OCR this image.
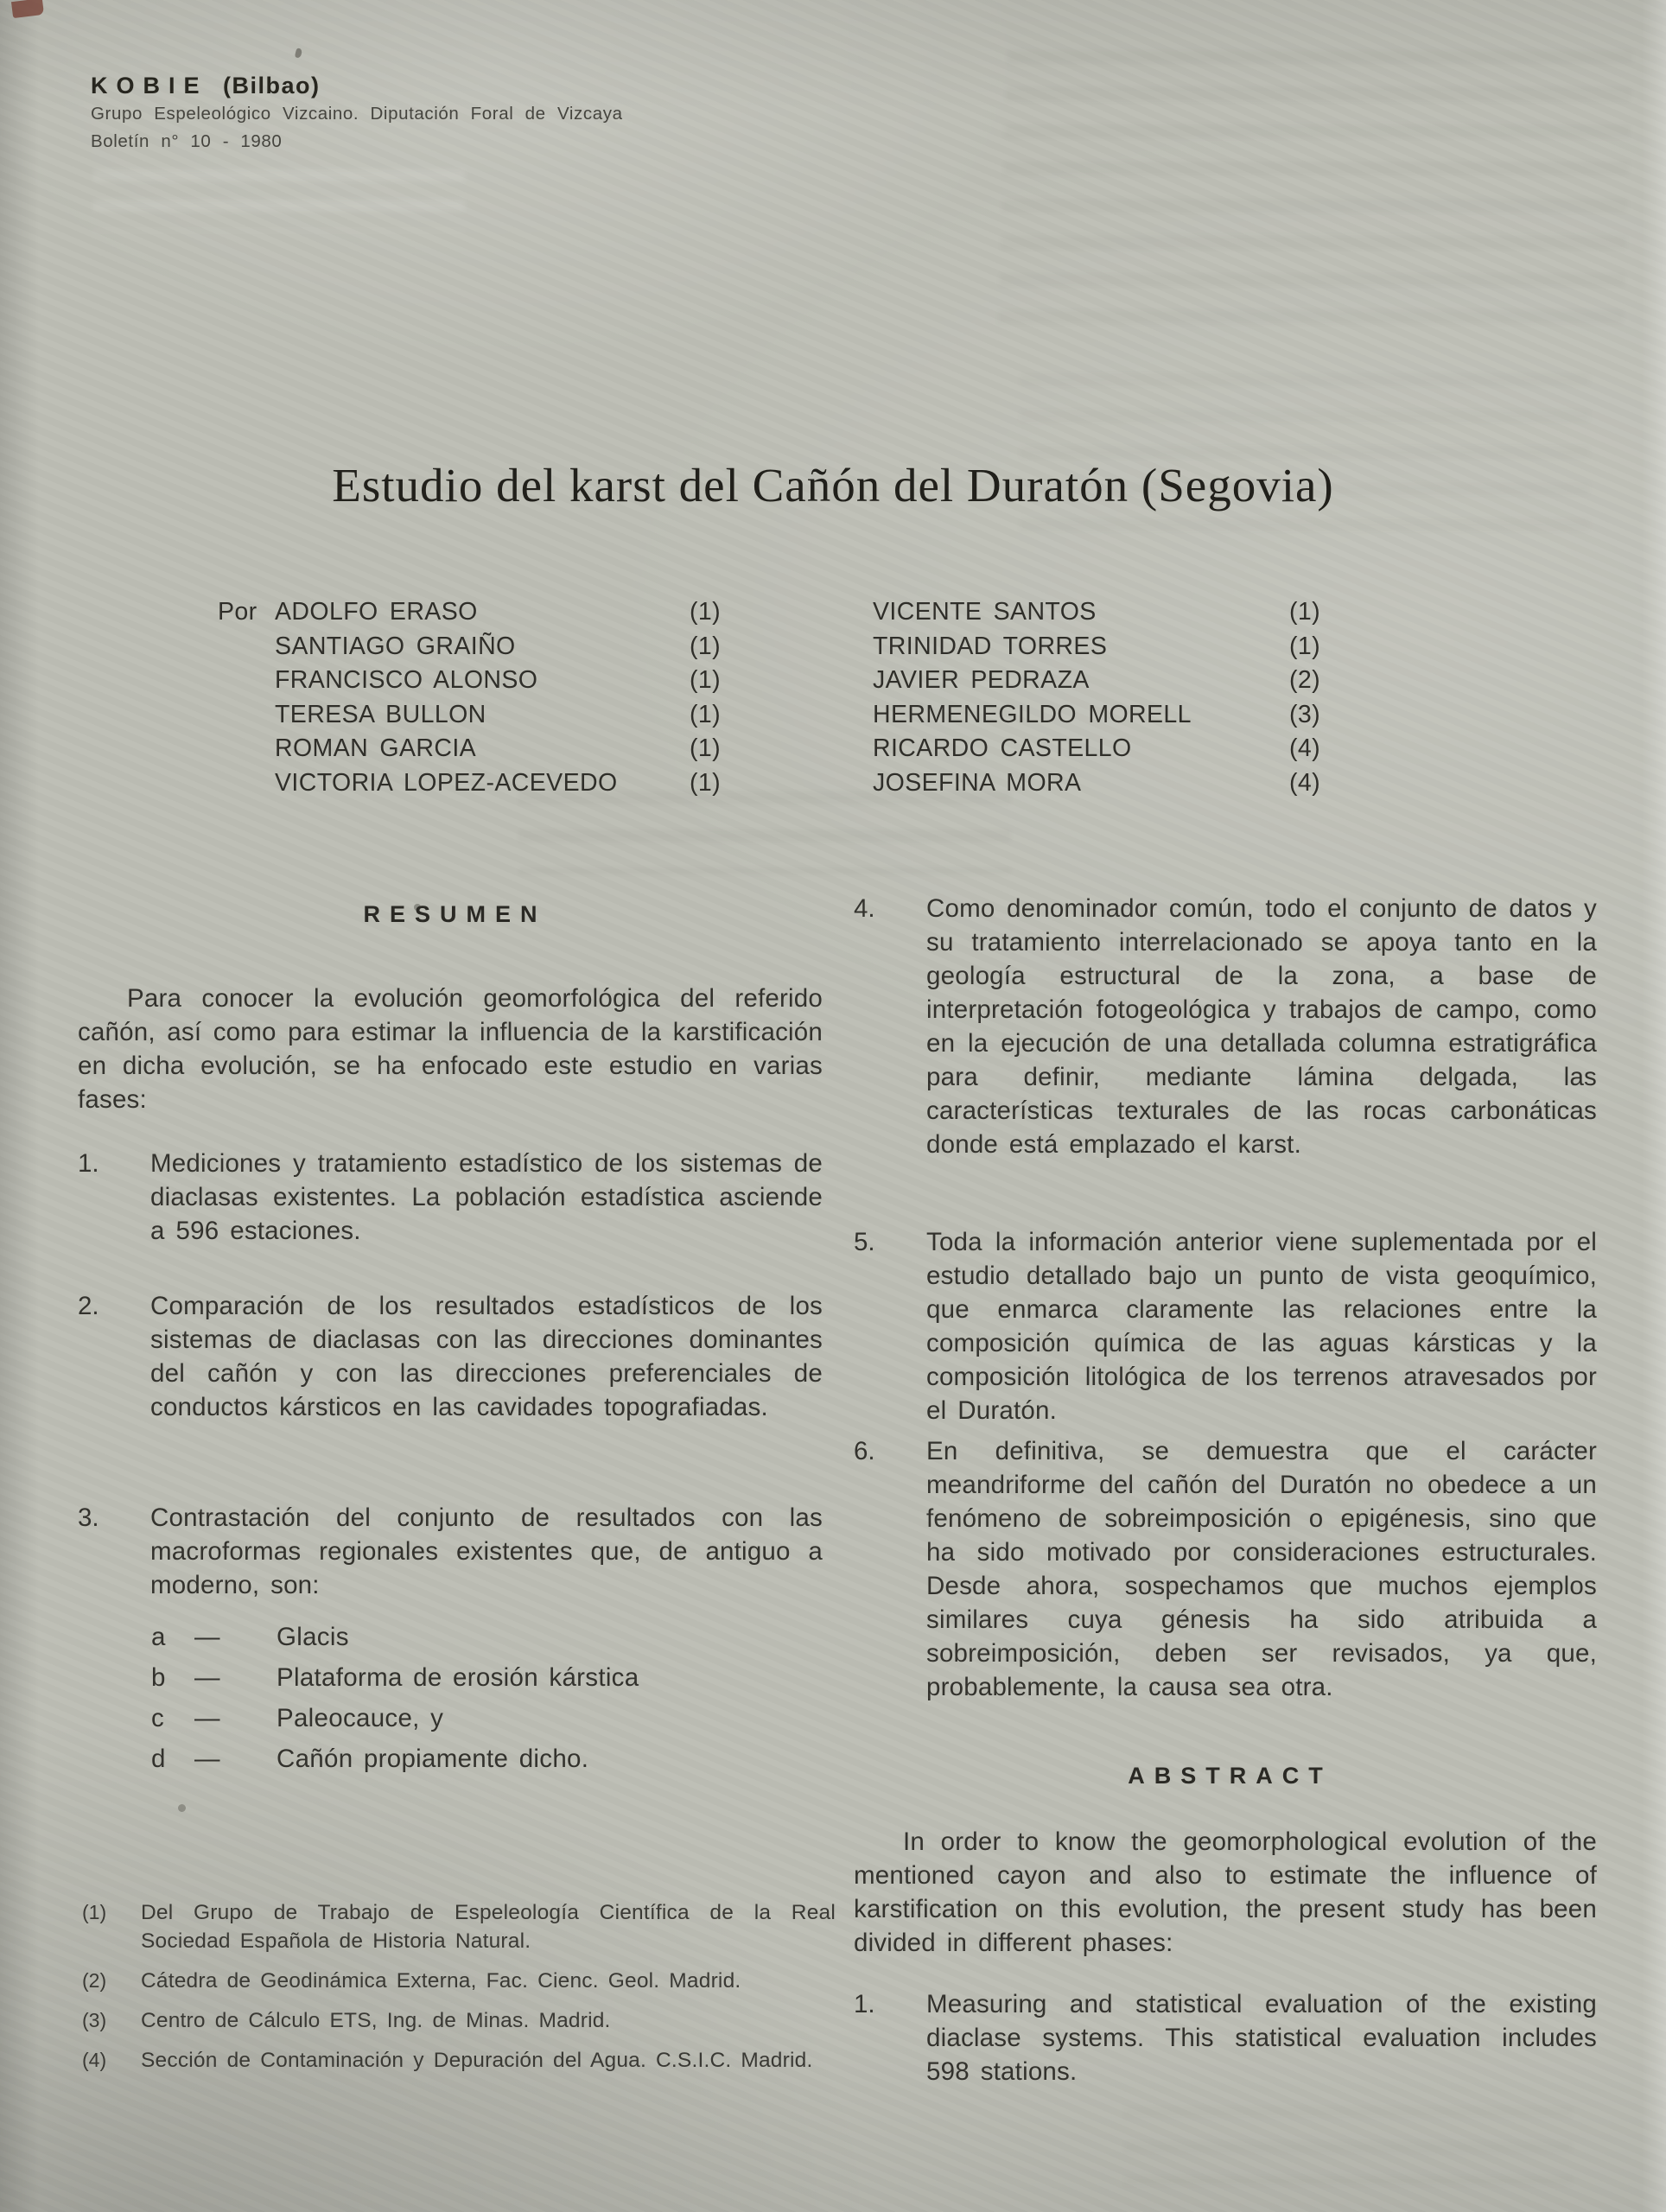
KOBIE (Bilbao)
Grupo Espeleológico Vizcaino. Diputación Foral de Vizcaya
Boletín n° 10 - 1980
Estudio del karst del Cañón del Duratón (Segovia)
Por ADOLFO ERASO	(1)
SANTIAGO GRAIÑO	(1)
FRANCISCO ALONSO	(1)
TERESA BULLON	(1)
ROMAN GARCIA	(1)
VICTORIA LOPEZ-ACEVEDO	(1)
VICENTE SANTOS	(1)
TRINIDAD TORRES	(1)
JAVIER PEDRAZA	(2)
HERMENEGILDO MORELL	(3)
RICARDO CASTELLO	(4)
JOSEFINA MORA	(4)
RESUMEN

Para conocer la evolución geomorfológica del referido cañón, así como para estimar la influencia de la karstificación en dicha evolución, se ha enfocado este estudio en varias fases:

1.	Mediciones y tratamiento estadístico de los sistemas de diaclasas existentes. La población estadística asciende a 596 estaciones.

2.	Comparación de los resultados estadísticos de los sistemas de diaclasas con las direcciones dominantes del cañón y con las direcciones preferenciales de conductos kársticos en las cavidades topografiadas.

3.	Contrastación del conjunto de resultados con las macroformas regionales existentes que, de antiguo a moderno, son:

a	—	Glacis
b	—	Plataforma de erosión kárstica
c	—	Paleocauce, y
d	—	Cañón propiamente dicho.
(1)	Del Grupo de Trabajo de Espeleología Científica de la Real Sociedad Española de Historia Natural.

(2)	Cátedra de Geodinámica Externa, Fac. Cienc. Geol. Madrid.

(3)	Centro de Cálculo ETS, Ing. de Minas. Madrid.

(4)	Sección de Contaminación y Depuración del Agua. C.S.I.C. Madrid.

4.	Como denominador común, todo el conjunto de datos y su tratamiento interrelacionado se apoya tanto en la geología estructural de la zona, a base de interpretación fotogeológica y trabajos de campo, como en la ejecución de una detallada columna estratigráfica para definir, mediante lámina delgada, las características texturales de las rocas carbonáticas donde está emplazado el karst.

5.	Toda la información anterior viene suplementada por el estudio detallado bajo un punto de vista geoquímico, que enmarca claramente las relaciones entre la composición química de las aguas kársticas y la composición litológica de los terrenos atravesados por el Duratón.

6.	En definitiva, se demuestra que el carácter meandriforme del cañón del Duratón no obedece a un fenómeno de sobreimposición o epigénesis, sino que ha sido motivado por consideraciones estructurales. Desde ahora, sospechamos que muchos ejemplos similares cuya génesis ha sido atribuida a sobreimposición, deben ser revisados, ya que, probablemente, la causa sea otra.

ABSTRACT

In order to know the geomorphological evolution of the mentioned cayon and also to estimate the influence of karstification on this evolution, the present study has been divided in different phases:

1.	Measuring and statistical evaluation of the existing diaclase systems. This statistical evaluation includes 598 stations.
